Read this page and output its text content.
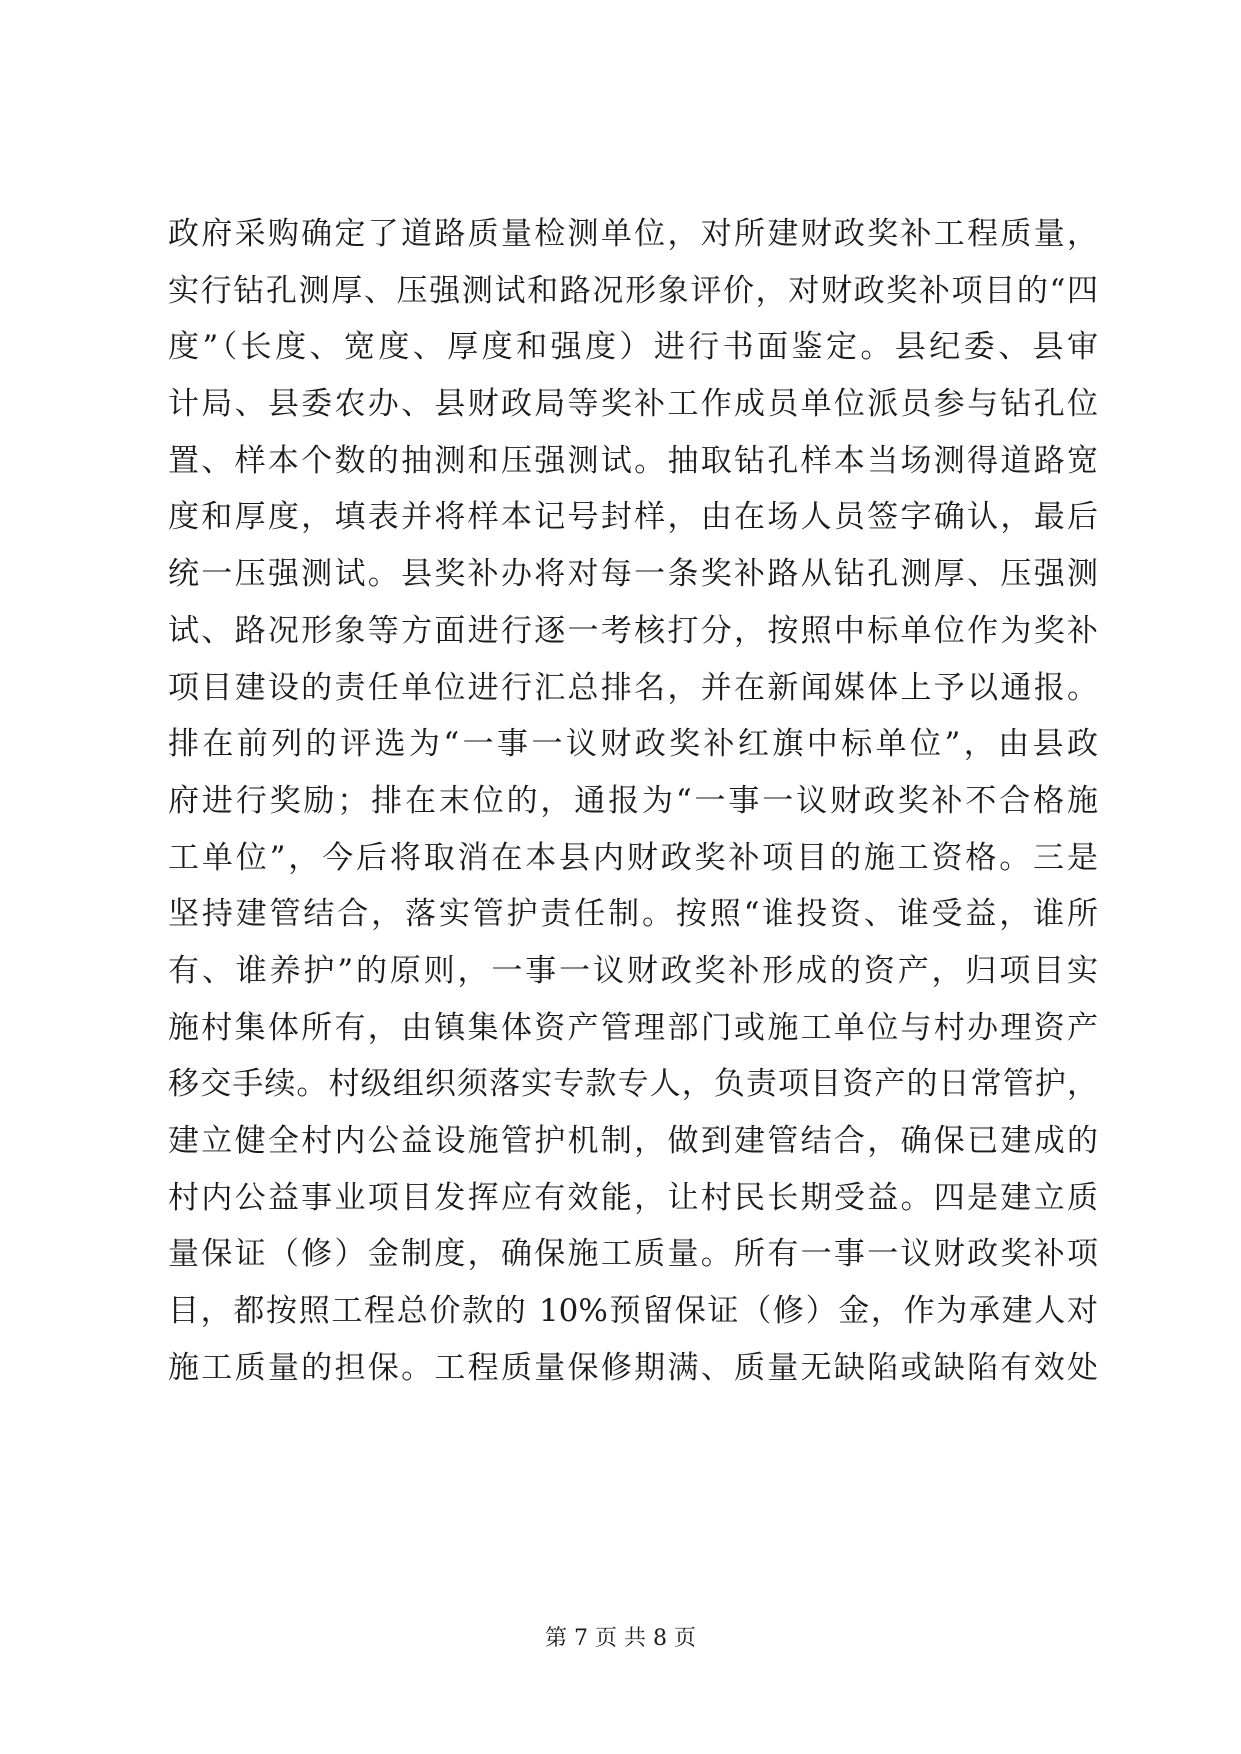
政府采购确定了道路质量检测单位，对所建财政奖补工程质量，
实行钻孔测厚、压强测试和路况形象评价，对财政奖补项目的“四
度”（长度、宽度、厚度和强度）进行书面鉴定。县纪委、县审
计局、县委农办、县财政局等奖补工作成员单位派员参与钻孔位
置、样本个数的抽测和压强测试。抽取钻孔样本当场测得道路宽
度和厚度，填表并将样本记号封样，由在场人员签字确认，最后
统一压强测试。县奖补办将对每一条奖补路从钻孔测厚、压强测
试、路况形象等方面进行逐一考核打分，按照中标单位作为奖补
项目建设的责任单位进行汇总排名，并在新闻媒体上予以通报。
排在前列的评选为“一事一议财政奖补红旗中标单位”，由县政
府进行奖励；排在末位的，通报为“一事一议财政奖补不合格施
工单位”，今后将取消在本县内财政奖补项目的施工资格。三是
坚持建管结合，落实管护责任制。按照“谁投资、谁受益，谁所
有、谁养护”的原则，一事一议财政奖补形成的资产，归项目实
施村集体所有，由镇集体资产管理部门或施工单位与村办理资产
移交手续。村级组织须落实专款专人，负责项目资产的日常管护，
建立健全村内公益设施管护机制，做到建管结合，确保已建成的
村内公益事业项目发挥应有效能，让村民长期受益。四是建立质
量保证（修）金制度，确保施工质量。所有一事一议财政奖补项
目，都按照工程总价款的 10%预留保证（修）金，作为承建人对
施工质量的担保。工程质量保修期满、质量无缺陷或缺陷有效处
第 7 页 共 8 页
